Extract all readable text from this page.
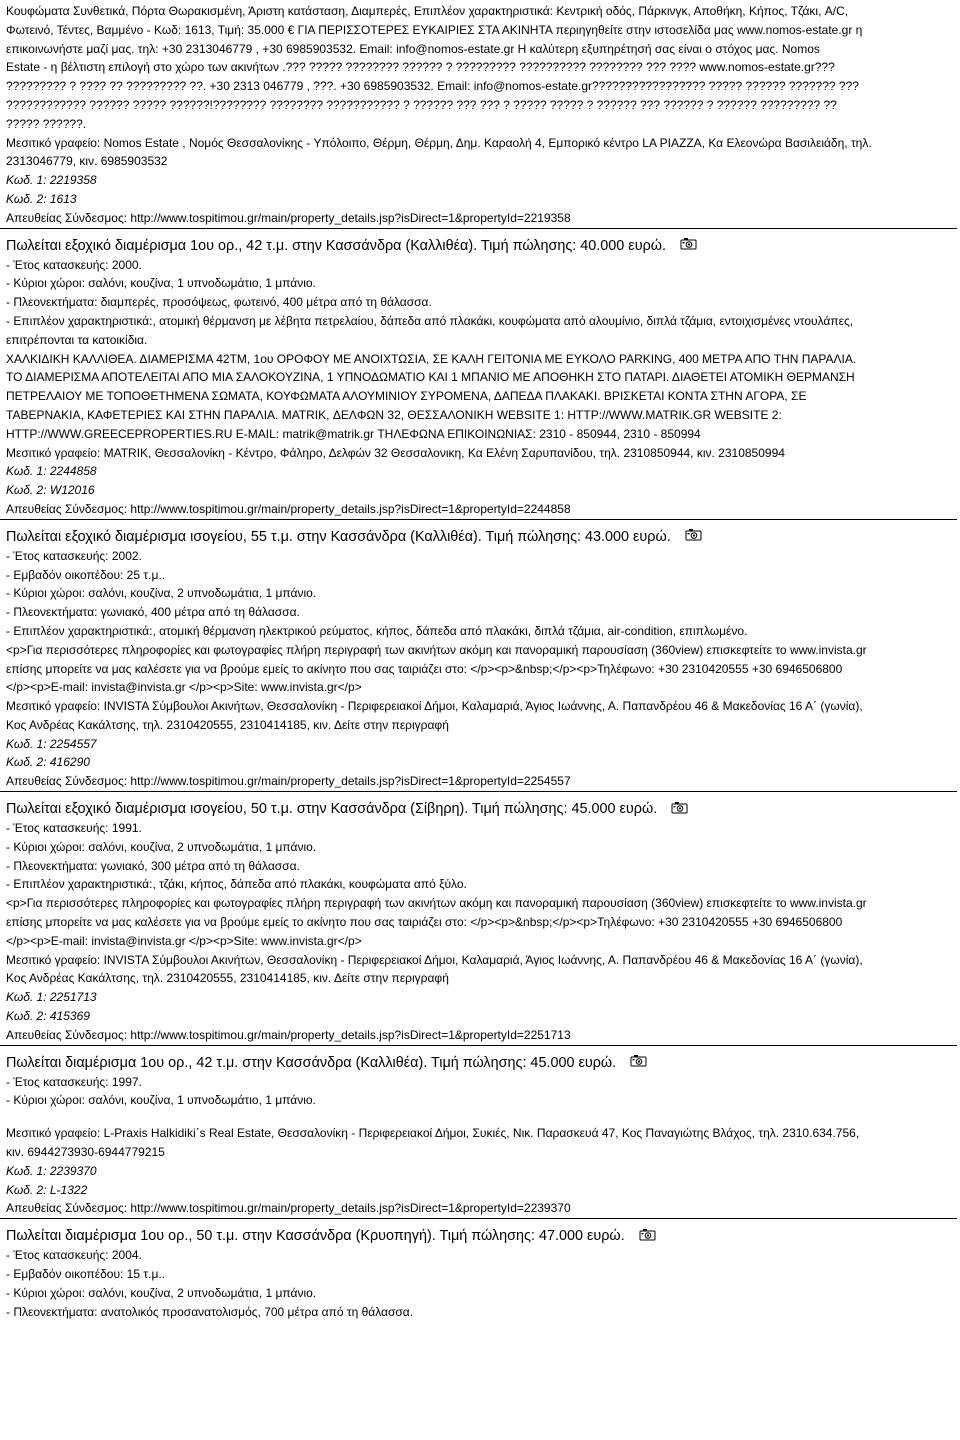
Κουφώματα Συνθετικά, Πόρτα Θωρακισμένη, Άριστη κατάσταση, Διαμπερές, Επιπλέον χαρακτηριστικά: Κεντρική οδός, Πάρκινγκ, Αποθήκη, Κήπος, Τζάκι, A/C,
Φωτεινό, Τέντες, Βαμμένο - Κωδ: 1613, Τιμή: 35.000 € ΓΙΑ ΠΕΡΙΣΣΟΤΕΡΕΣ ΕΥΚΑΙΡΙΕΣ ΣΤΑ ΑΚΙΝΗΤΑ περιηγηθείτε στην ιστοσελίδα μας www.nomos-estate.gr η
επικοινωνήστε μαζί μας. τηλ: +30 2313046779 , +30 6985903532. Email: info@nomos-estate.gr Η καλύτερη εξυπηρέτησή σας είναι ο στόχος μας. Nomos
Estate - η βέλτιστη επιλογή στο χώρο των ακινήτων .??? ????? ???????? ?????? ? ????????? ?????????? ???????? ??? ???? www.nomos-estate.gr???
????????? ? ???? ?? ????????? ??. +30 2313 046779 , ???. +30 6985903532. Email: info@nomos-estate.gr????????????????? ????? ?????? ??????? ???
???????????? ?????? ????? ??????!???????? ???????? ??????????? ? ?????? ??? ??? ? ????? ????? ? ?????? ??? ?????? ? ?????? ????????? ??
????? ??????.
Μεσιτικό γραφείο: Nomos Estate , Νομός Θεσσαλονίκης - Υπόλοιπο, Θέρμη, Θέρμη, Δημ. Καραολή 4, Εμπορικό κέντρο LA PIAZZA, Κα Ελεονώρα Βασιλειάδη, τηλ.
2313046779, κιν. 6985903532
Κωδ. 1: 2219358
Κωδ. 2: 1613
Απευθείας Σύνδεσμος: http://www.tospitimou.gr/main/property_details.jsp?isDirect=1&propertyId=2219358
Πωλείται εξοχικό διαμέρισμα 1ου ορ., 42 τ.μ. στην Κασσάνδρα (Καλλιθέα). Τιμή πώλησης: 40.000 ευρώ.
- Έτος κατασκευής: 2000.
- Κύριοι χώροι: σαλόνι, κουζίνα, 1 υπνοδωμάτιο, 1 μπάνιο.
- Πλεονεκτήματα: διαμπερές, προσόψεως, φωτεινό, 400 μέτρα από τη θάλασσα.
- Επιπλέον χαρακτηριστικά:, ατομική θέρμανση με λέβητα πετρελαίου, δάπεδα από πλακάκι, κουφώματα από αλουμίνιο, διπλά τζάμια, εντοιχισμένες ντουλάπες,
επιτρέπονται τα κατοικίδια.
ΧΑΛΚΙΔΙΚΗ ΚΑΛΛΙΘΕΑ. ΔΙΑΜΕΡΙΣΜΑ 42ΤΜ, 1ου ΟΡΟΦΟΥ ΜΕ ΑΝΟΙΧΤΩΣΙΑ, ΣΕ ΚΑΛΗ ΓΕΙΤΟΝΙΑ ΜΕ ΕΥΚΟΛΟ PARKING, 400 ΜΕΤΡΑ ΑΠΟ ΤΗΝ ΠΑΡΑΛΙΑ.
ΤΟ ΔΙΑΜΕΡΙΣΜΑ ΑΠΟΤΕΛΕΙΤΑΙ ΑΠΟ ΜΙΑ ΣΑΛΟΚΟΥΖΙΝΑ, 1 ΥΠΝΟΔΩΜΑΤΙΟ ΚΑΙ 1 ΜΠΑΝΙΟ ΜΕ ΑΠΟΘΗΚΗ ΣΤΟ ΠΑΤΑΡΙ. ΔΙΑΘΕΤΕΙ ΑΤΟΜΙΚΗ ΘΕΡΜΑΝΣΗ
ΠΕΤΡΕΛΑΙΟΥ ΜΕ ΤΟΠΟΘΕΤΗΜΕΝΑ ΣΩΜΑΤΑ, ΚΟΥΦΩΜΑΤΑ ΑΛΟΥΜΙΝΙΟΥ ΣΥΡΟΜΕΝΑ, ΔΑΠΕΔΑ ΠΛΑΚΑΚΙ. ΒΡΙΣΚΕΤΑΙ ΚΟΝΤΑ ΣΤΗΝ ΑΓΟΡΑ, ΣΕ
ΤΑΒΕΡΝΑΚΙΑ, ΚΑΦΕΤΕΡΙΕΣ ΚΑΙ ΣΤΗΝ ΠΑΡΑΛΙΑ. MATRIK, ΔΕΛΦΩΝ 32, ΘΕΣΣΑΛΟΝΙΚΗ WEBSITE 1: HTTP://WWW.MATRIK.GR WEBSITE 2:
HTTP://WWW.GREECEPROPERTIES.RU E-MAIL: matrik@matrik.gr ΤΗΛΕΦΩΝΑ ΕΠΙΚΟΙΝΩΝΙΑΣ: 2310 - 850944, 2310 - 850994
Μεσιτικό γραφείο: MATRIK, Θεσσαλονίκη - Κέντρο, Φάληρο, Δελφών 32 Θεσσαλονικη, Κα Ελένη Σαρυπανίδου, τηλ. 2310850944, κιν. 2310850994
Κωδ. 1: 2244858
Κωδ. 2: W12016
Απευθείας Σύνδεσμος: http://www.tospitimou.gr/main/property_details.jsp?isDirect=1&propertyId=2244858
Πωλείται εξοχικό διαμέρισμα ισογείου, 55 τ.μ. στην Κασσάνδρα (Καλλιθέα). Τιμή πώλησης: 43.000 ευρώ.
- Έτος κατασκευής: 2002.
- Εμβαδόν οικοπέδου: 25 τ.μ..
- Κύριοι χώροι: σαλόνι, κουζίνα, 2 υπνοδωμάτια, 1 μπάνιο.
- Πλεονεκτήματα: γωνιακό, 400 μέτρα από τη θάλασσα.
- Επιπλέον χαρακτηριστικά:, ατομική θέρμανση ηλεκτρικού ρεύματος, κήπος, δάπεδα από πλακάκι, διπλά τζάμια, air-condition, επιπλωμένο.
<p>Για περισσότερες πληροφορίες και φωτογραφίες πλήρη περιγραφή των ακινήτων ακόμη και πανοραμική παρουσίαση (360view) επισκεφτείτε το www.invista.gr
επίσης μπορείτε να μας καλέσετε για να βρούμε εμείς το ακίνητο που σας ταιριάζει στο: </p><p>&nbsp;</p><p>Τηλέφωνο: +30 2310420555 +30 6946506800
</p><p>E-mail: invista@invista.gr </p><p>Site: www.invista.gr</p>
Μεσιτικό γραφείο: INVISTA Σύμβουλοι Ακινήτων, Θεσσαλονίκη - Περιφερειακοί Δήμοι, Καλαμαριά, Άγιος Ιωάννης, Α. Παπανδρέου 46 & Μακεδονίας 16 Α΄ (γωνία),
Κος Ανδρέας Κακάλτσης, τηλ. 2310420555, 2310414185, κιν. Δείτε στην περιγραφή
Κωδ. 1: 2254557
Κωδ. 2: 416290
Απευθείας Σύνδεσμος: http://www.tospitimou.gr/main/property_details.jsp?isDirect=1&propertyId=2254557
Πωλείται εξοχικό διαμέρισμα ισογείου, 50 τ.μ. στην Κασσάνδρα (Σίβηρη). Τιμή πώλησης: 45.000 ευρώ.
- Έτος κατασκευής: 1991.
- Κύριοι χώροι: σαλόνι, κουζίνα, 2 υπνοδωμάτια, 1 μπάνιο.
- Πλεονεκτήματα: γωνιακό, 300 μέτρα από τη θάλασσα.
- Επιπλέον χαρακτηριστικά:, τζάκι, κήπος, δάπεδα από πλακάκι, κουφώματα από ξύλο.
<p>Για περισσότερες πληροφορίες και φωτογραφίες πλήρη περιγραφή των ακινήτων ακόμη και πανοραμική παρουσίαση (360view) επισκεφτείτε το www.invista.gr
επίσης μπορείτε να μας καλέσετε για να βρούμε εμείς το ακίνητο που σας ταιριάζει στο: </p><p>&nbsp;</p><p>Τηλέφωνο: +30 2310420555 +30 6946506800
</p><p>E-mail: invista@invista.gr </p><p>Site: www.invista.gr</p>
Μεσιτικό γραφείο: INVISTA Σύμβουλοι Ακινήτων, Θεσσαλονίκη - Περιφερειακοί Δήμοι, Καλαμαριά, Άγιος Ιωάννης, Α. Παπανδρέου 46 & Μακεδονίας 16 Α΄ (γωνία),
Κος Ανδρέας Κακάλτσης, τηλ. 2310420555, 2310414185, κιν. Δείτε στην περιγραφή
Κωδ. 1: 2251713
Κωδ. 2: 415369
Απευθείας Σύνδεσμος: http://www.tospitimou.gr/main/property_details.jsp?isDirect=1&propertyId=2251713
Πωλείται διαμέρισμα 1ου ορ., 42 τ.μ. στην Κασσάνδρα (Καλλιθέα). Τιμή πώλησης: 45.000 ευρώ.
- Έτος κατασκευής: 1997.
- Κύριοι χώροι: σαλόνι, κουζίνα, 1 υπνοδωμάτιο, 1 μπάνιο.
Μεσιτικό γραφείο: L-Praxis Halkidiki΄s Real Estate, Θεσσαλονίκη - Περιφερειακοί Δήμοι, Συκιές, Νικ. Παρασκευά 47, Κος Παναγιώτης Βλάχος, τηλ. 2310.634.756,
κιν. 6944273930-6944779215
Κωδ. 1: 2239370
Κωδ. 2: L-1322
Απευθείας Σύνδεσμος: http://www.tospitimou.gr/main/property_details.jsp?isDirect=1&propertyId=2239370
Πωλείται διαμέρισμα 1ου ορ., 50 τ.μ. στην Κασσάνδρα (Κρυοπηγή). Τιμή πώλησης: 47.000 ευρώ.
- Έτος κατασκευής: 2004.
- Εμβαδόν οικοπέδου: 15 τ.μ..
- Κύριοι χώροι: σαλόνι, κουζίνα, 2 υπνοδωμάτια, 1 μπάνιο.
- Πλεονεκτήματα: ανατολικός προσανατολισμός, 700 μέτρα από τη θάλασσα.
